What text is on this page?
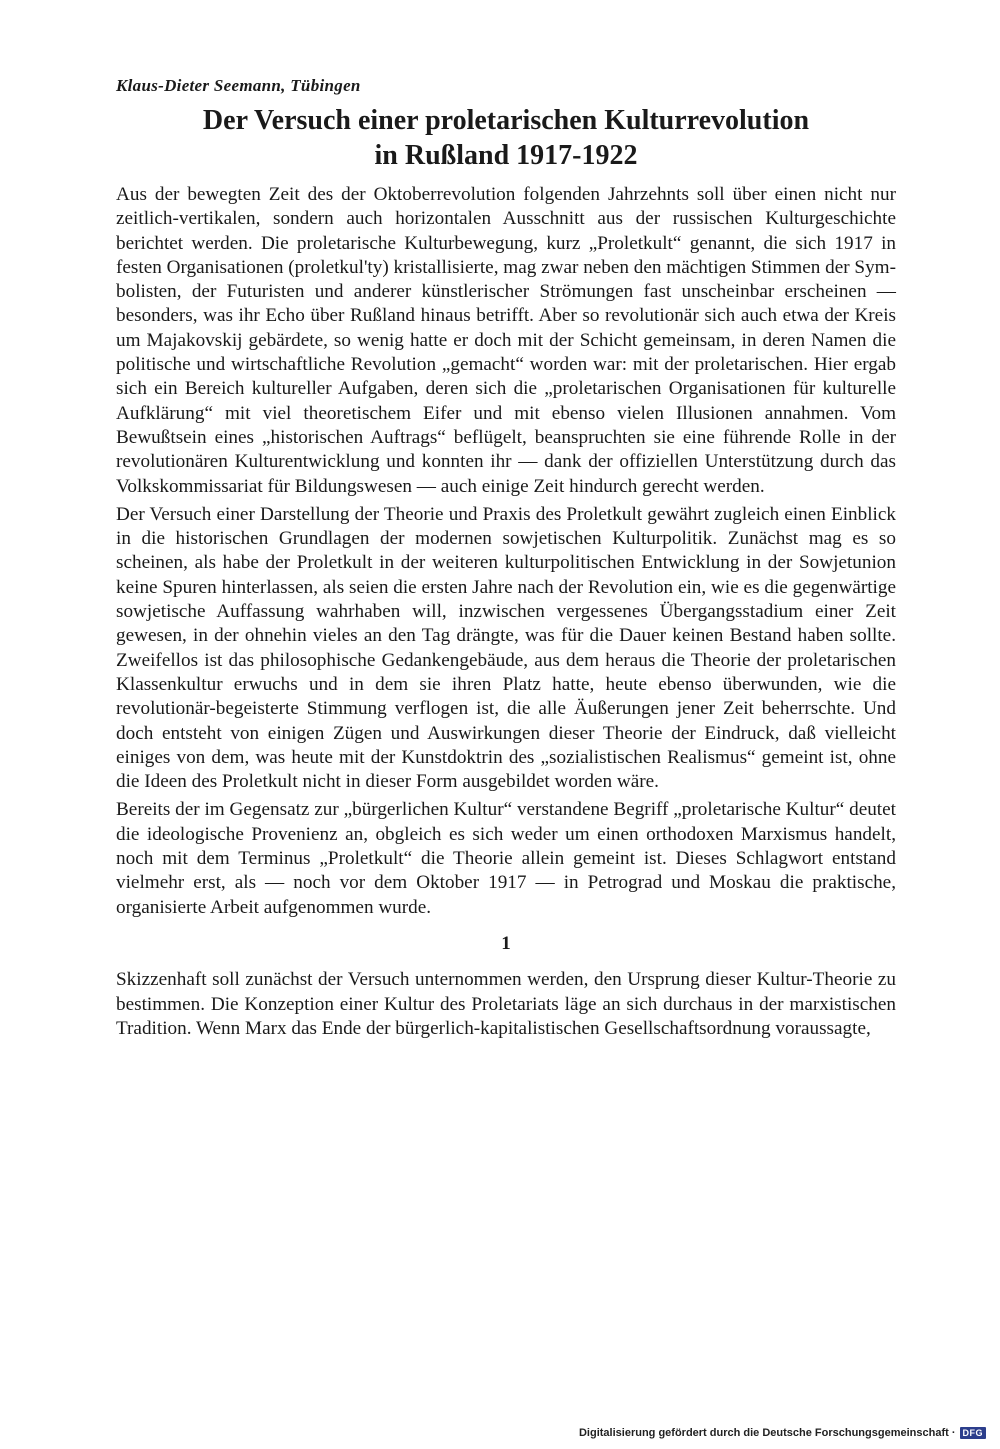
Klaus-Dieter Seemann, Tübingen
Der Versuch einer proletarischen Kulturrevolution
in Rußland 1917-1922

Aus der bewegten Zeit des der Oktoberrevolution folgenden Jahrzehnts soll über einen nicht nur zeitlich-vertikalen, sondern auch horizontalen Ausschnitt aus der russischen Kulturgeschichte berichtet werden. Die proletarische Kulturbewegung, kurz „Proletkult“ genannt, die sich 1917 in festen Organisationen (proletkul'ty) kristallisierte, mag zwar neben den mächtigen Stimmen der Symbolisten, der Futuristen und anderer künstlerischer Strömungen fast unscheinbar erscheinen — besonders, was ihr Echo über Rußland hinaus betrifft. Aber so revolutionär sich auch etwa der Kreis um Majakovskij gebärdete, so wenig hatte er doch mit der Schicht gemeinsam, in deren Namen die politische und wirtschaftliche Revolution „gemacht“ worden war: mit der proletarischen. Hier ergab sich ein Bereich kultureller Aufgaben, deren sich die „proletarischen Organisationen für kulturelle Aufklärung“ mit viel theoretischem Eifer und mit ebenso vielen Illusionen annahmen. Vom Bewußtsein eines „historischen Auftrags“ beflügelt, beanspruchten sie eine führende Rolle in der revolutionären Kulturentwicklung und konnten ihr — dank der offiziellen Unterstützung durch das Volkskommissariat für Bildungswesen — auch einige Zeit hindurch gerecht werden.

Der Versuch einer Darstellung der Theorie und Praxis des Proletkult gewährt zugleich einen Einblick in die historischen Grundlagen der modernen sowjetischen Kulturpolitik. Zunächst mag es so scheinen, als habe der Proletkult in der weiteren kulturpolitischen Entwicklung in der Sowjetunion keine Spuren hinterlassen, als seien die ersten Jahre nach der Revolution ein, wie es die gegenwärtige sowjetische Auffassung wahrhaben will, inzwischen vergessenes Übergangsstadium einer Zeit gewesen, in der ohnehin vieles an den Tag drängte, was für die Dauer keinen Bestand haben sollte. Zweifellos ist das philosophische Gedankengebäude, aus dem heraus die Theorie der proletarischen Klassenkultur erwuchs und in dem sie ihren Platz hatte, heute ebenso überwunden, wie die revolutionär-begeisterte Stimmung verflogen ist, die alle Äußerungen jener Zeit beherrschte. Und doch entsteht von einigen Zügen und Auswirkungen dieser Theorie der Eindruck, daß vielleicht einiges von dem, was heute mit der Kunstdoktrin des „sozialistischen Realismus“ gemeint ist, ohne die Ideen des Proletkult nicht in dieser Form ausgebildet worden wäre.

Bereits der im Gegensatz zur „bürgerlichen Kultur“ verstandene Begriff „proletarische Kultur“ deutet die ideologische Provenienz an, obgleich es sich weder um einen orthodoxen Marxismus handelt, noch mit dem Terminus „Proletkult“ die Theorie allein gemeint ist. Dieses Schlagwort entstand vielmehr erst, als — noch vor dem Oktober 1917 — in Petrograd und Moskau die praktische, organisierte Arbeit aufgenommen wurde.

1

Skizzenhaft soll zunächst der Versuch unternommen werden, den Ursprung dieser Kultur-Theorie zu bestimmen. Die Konzeption einer Kultur des Proletariats läge an sich durchaus in der marxistischen Tradition. Wenn Marx das Ende der bürgerlich-kapitalistischen Gesellschaftsordnung voraussagte,

Digitalisierung gefördert durch die Deutsche Forschungsgemeinschaft · DFG
